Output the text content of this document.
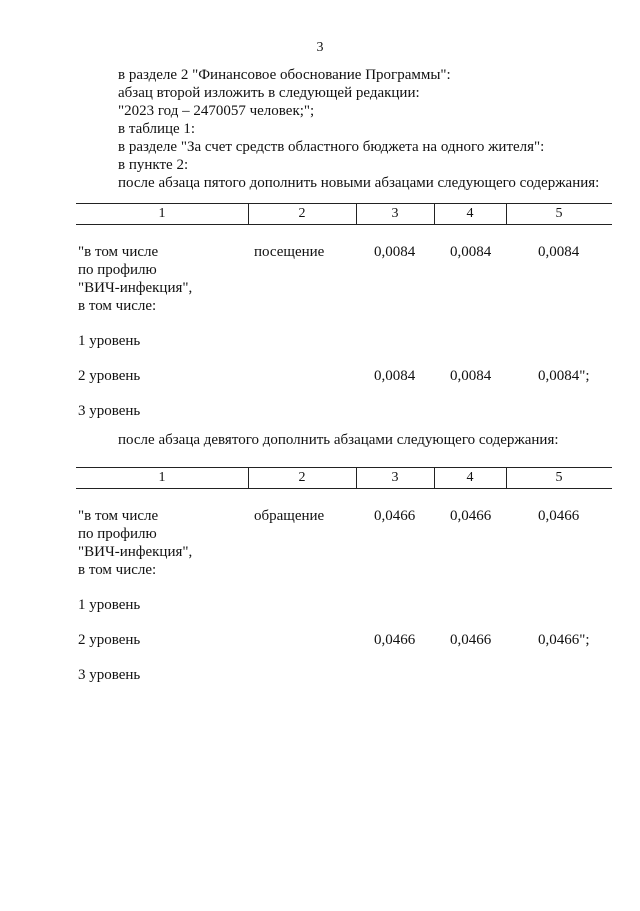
3
в разделе 2 "Финансовое обоснование Программы":
абзац второй изложить в следующей редакции:
"2023 год – 2470057 человек;";
в таблице 1:
в разделе "За счет средств областного бюджета на одного жителя":
в пункте 2:
после абзаца пятого дополнить новыми абзацами следующего содержания:
1	2	3	4	5
"в том числе
по профилю
"ВИЧ-инфекция",
в том числе:
посещение	0,0084 0,0084	0,0084
1 уровень
2 уровень	0,0084 0,0084	0,0084";
3 уровень
после абзаца девятого дополнить абзацами следующего содержания:
1	2	3	4	5
"в том числе
по профилю
"ВИЧ-инфекция",
в том числе:
обращение	0,0466 0,0466	0,0466
1 уровень
2 уровень	0,0466 0,0466	0,0466";
3 уровень
